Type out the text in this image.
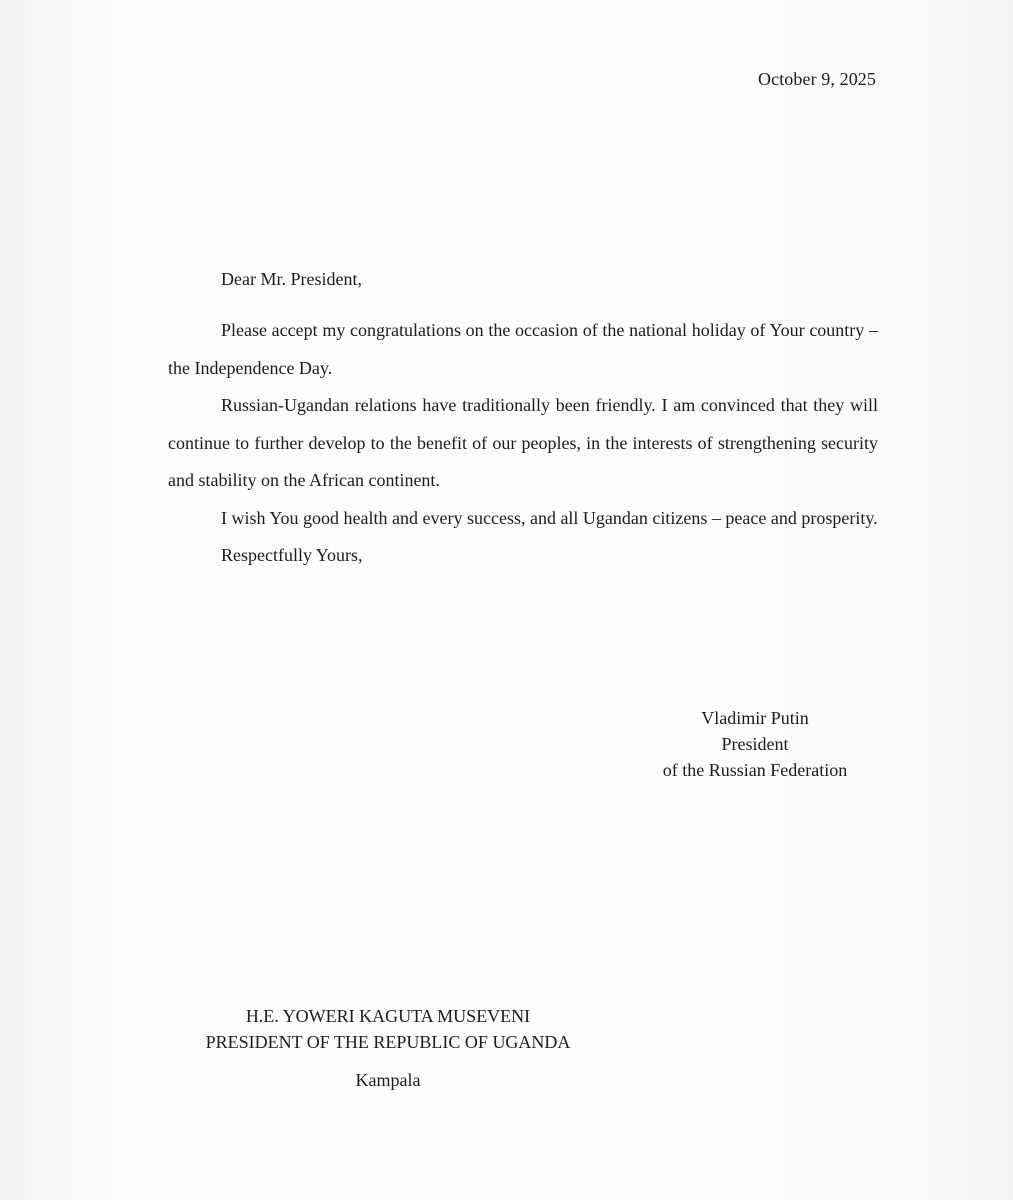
October 9, 2025
Dear Mr. President,

Please accept my congratulations on the occasion of the national holiday of Your country – the Independence Day.

Russian-Ugandan relations have traditionally been friendly. I am convinced that they will continue to further develop to the benefit of our peoples, in the interests of strengthening security and stability on the African continent.

I wish You good health and every success, and all Ugandan citizens – peace and prosperity.

Respectfully Yours,

Vladimir Putin
President
of the Russian Federation
H.E. YOWERI KAGUTA MUSEVENI
PRESIDENT OF THE REPUBLIC OF UGANDA
Kampala
